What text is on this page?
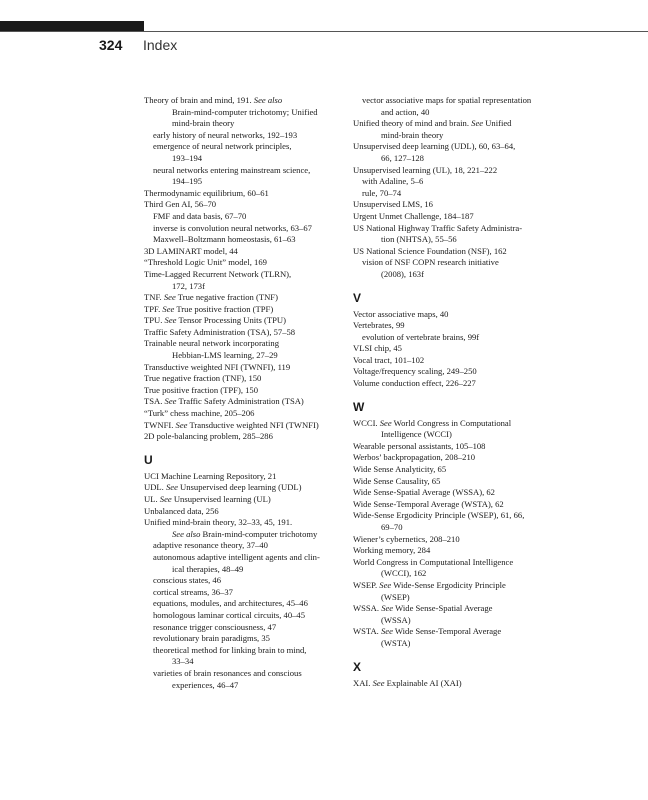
324 Index
Theory of brain and mind, 191. See also
Brain-mind-computer trichotomy; Unified
mind-brain theory
early history of neural networks, 192–193
emergence of neural network principles,
193–194
neural networks entering mainstream science,
194–195
Thermodynamic equilibrium, 60–61
Third Gen AI, 56–70
FMF and data basis, 67–70
inverse is convolution neural networks, 63–67
Maxwell–Boltzmann homeostasis, 61–63
3D LAMINART model, 44
“Threshold Logic Unit” model, 169
Time-Lagged Recurrent Network (TLRN),
172, 173f
TNF. See True negative fraction (TNF)
TPF. See True positive fraction (TPF)
TPU. See Tensor Processing Units (TPU)
Traffic Safety Administration (TSA), 57–58
Trainable neural network incorporating
Hebbian-LMS learning, 27–29
Transductive weighted NFI (TWNFI), 119
True negative fraction (TNF), 150
True positive fraction (TPF), 150
TSA. See Traffic Safety Administration (TSA)
“Turk” chess machine, 205–206
TWNFI. See Transductive weighted NFI (TWNFI)
2D pole-balancing problem, 285–286
U
UCI Machine Learning Repository, 21
UDL. See Unsupervised deep learning (UDL)
UL. See Unsupervised learning (UL)
Unbalanced data, 256
Unified mind-brain theory, 32–33, 45, 191.
See also Brain-mind-computer trichotomy
adaptive resonance theory, 37–40
autonomous adaptive intelligent agents and clin-
ical therapies, 48–49
conscious states, 46
cortical streams, 36–37
equations, modules, and architectures, 45–46
homologous laminar cortical circuits, 40–45
resonance trigger consciousness, 47
revolutionary brain paradigms, 35
theoretical method for linking brain to mind,
33–34
varieties of brain resonances and conscious
experiences, 46–47
vector associative maps for spatial representation
and action, 40
Unified theory of mind and brain. See Unified
mind-brain theory
Unsupervised deep learning (UDL), 60, 63–64,
66, 127–128
Unsupervised learning (UL), 18, 221–222
with Adaline, 5–6
rule, 70–74
Unsupervised LMS, 16
Urgent Unmet Challenge, 184–187
US National Highway Traffic Safety Administra-
tion (NHTSA), 55–56
US National Science Foundation (NSF), 162
vision of NSF COPN research initiative
(2008), 163f
V
Vector associative maps, 40
Vertebrates, 99
evolution of vertebrate brains, 99f
VLSI chip, 45
Vocal tract, 101–102
Voltage/frequency scaling, 249–250
Volume conduction effect, 226–227
W
WCCI. See World Congress in Computational
Intelligence (WCCI)
Wearable personal assistants, 105–108
Werbos’ backpropagation, 208–210
Wide Sense Analyticity, 65
Wide Sense Causality, 65
Wide Sense-Spatial Average (WSSA), 62
Wide Sense-Temporal Average (WSTA), 62
Wide-Sense Ergodicity Principle (WSEP), 61, 66,
69–70
Wiener’s cybernetics, 208–210
Working memory, 284
World Congress in Computational Intelligence
(WCCI), 162
WSEP. See Wide-Sense Ergodicity Principle
(WSEP)
WSSA. See Wide Sense-Spatial Average
(WSSA)
WSTA. See Wide Sense-Temporal Average
(WSTA)
X
XAI. See Explainable AI (XAI)
